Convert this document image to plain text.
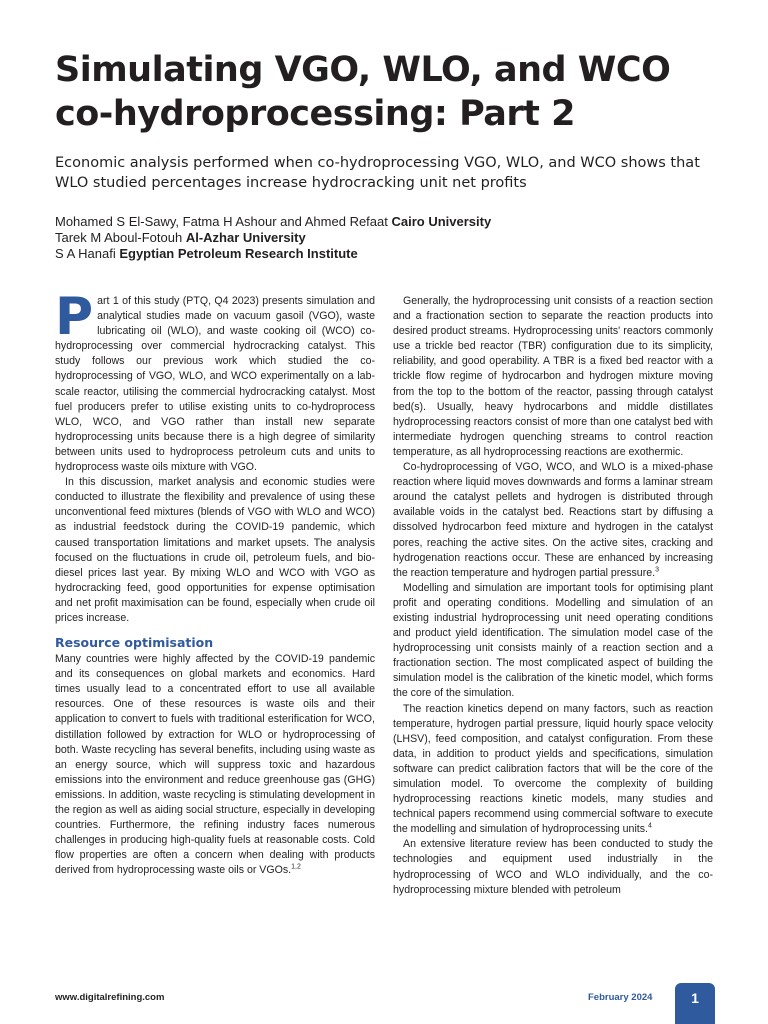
Simulating VGO, WLO, and WCO
co-hydroprocessing: Part 2
Economic analysis performed when co-hydroprocessing VGO, WLO, and WCO shows that WLO studied percentages increase hydrocracking unit net profits
Mohamed S El-Sawy, Fatma H Ashour and Ahmed Refaat Cairo University
Tarek M Aboul-Fotouh Al-Azhar University
S A Hanafi Egyptian Petroleum Research Institute

Part 1 of this study (PTQ, Q4 2023) presents simulation and analytical studies made on vacuum gasoil (VGO), waste lubricating oil (WLO), and waste cooking oil (WCO) co-hydroprocessing over commercial hydrocracking catalyst. This study follows our previous work which studied the co-hydroprocessing of VGO, WLO, and WCO experimentally on a lab-scale reactor, utilising the commercial hydrocracking catalyst. Most fuel producers prefer to utilise existing units to co-hydroprocess WLO, WCO, and VGO rather than install new separate hydroprocessing units because there is a high degree of similarity between units used to hydroprocess petroleum cuts and units to hydroprocess waste oils mixture with VGO.

In this discussion, market analysis and economic studies were conducted to illustrate the flexibility and prevalence of using these unconventional feed mixtures (blends of VGO with WLO and WCO) as industrial feedstock during the COVID-19 pandemic, which caused transportation limitations and market upsets. The analysis focused on the fluctuations in crude oil, petroleum fuels, and bio-diesel prices last year. By mixing WLO and WCO with VGO as hydrocracking feed, good opportunities for expense optimisation and net profit maximisation can be found, especially when crude oil prices increase.

Resource optimisation

Many countries were highly affected by the COVID-19 pandemic and its consequences on global markets and economics. Hard times usually lead to a concentrated effort to use all available resources. One of these resources is waste oils and their application to convert to fuels with traditional esterification for WCO, distillation followed by extraction for WLO or hydroprocessing of both. Waste recycling has several benefits, including using waste as an energy source, which will suppress toxic and hazardous emissions into the environment and reduce greenhouse gas (GHG) emissions. In addition, waste recycling is stimulating development in the region as well as aiding social structure, especially in developing countries. Furthermore, the refining industry faces numerous challenges in producing high-quality fuels at reasonable costs. Cold flow properties are often a concern when dealing with products derived from hydroprocessing waste oils or VGOs.$^{1,2}$

Generally, the hydroprocessing unit consists of a reaction section and a fractionation section to separate the reaction products into desired product streams. Hydroprocessing units' reactors commonly use a trickle bed reactor (TBR) configuration due to its simplicity, reliability, and good operability. A TBR is a fixed bed reactor with a trickle flow regime of hydrocarbon and hydrogen mixture moving from the top to the bottom of the reactor, passing through catalyst bed(s). Usually, heavy hydrocarbons and middle distillates hydroprocessing reactors consist of more than one catalyst bed with intermediate hydrogen quenching streams to control reaction temperature, as all hydroprocessing reactions are exothermic.

Co-hydroprocessing of VGO, WCO, and WLO is a mixed-phase reaction where liquid moves downwards and forms a laminar stream around the catalyst pellets and hydrogen is distributed through available voids in the catalyst bed. Reactions start by diffusing a dissolved hydrocarbon feed mixture and hydrogen in the catalyst pores, reaching the active sites. On the active sites, cracking and hydrogenation reactions occur. These are enhanced by increasing the reaction temperature and hydrogen partial pressure.$^3$

Modelling and simulation are important tools for optimising plant profit and operating conditions. Modelling and simulation of an existing industrial hydroprocessing unit need operating conditions and product yield identification. The simulation model case of the hydroprocessing unit consists mainly of a reaction section and a fractionation section. The most complicated aspect of building the simulation model is the calibration of the kinetic model, which forms the core of the simulation.

The reaction kinetics depend on many factors, such as reaction temperature, hydrogen partial pressure, liquid hourly space velocity (LHSV), feed composition, and catalyst configuration. From these data, in addition to product yields and specifications, simulation software can predict calibration factors that will be the core of the simulation model. To overcome the complexity of building hydroprocessing reactions kinetic models, many studies and technical papers recommend using commercial software to execute the modelling and simulation of hydroprocessing units.$^4$

An extensive literature review has been conducted to study the technologies and equipment used industrially in the hydroprocessing of WCO and WLO individually, and the co-hydroprocessing mixture blended with petroleum

www.digitalrefining.com	February 2024	1
